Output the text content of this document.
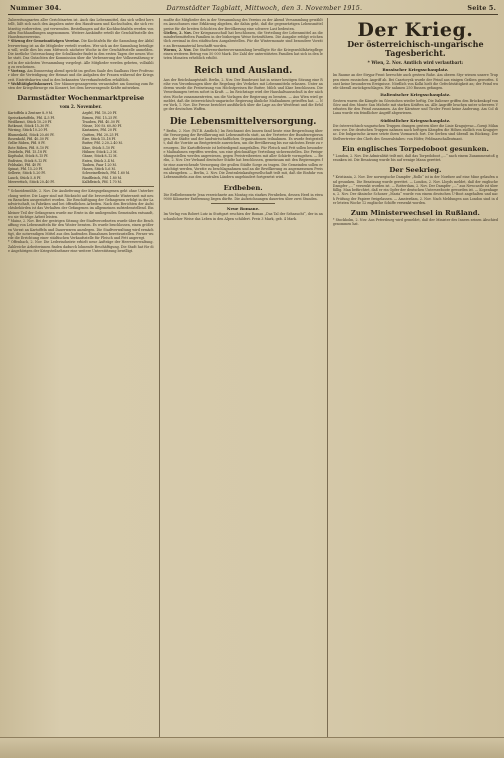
Nummer 304.	Darmstädter Tagblatt, Mittwoch, den 3. November 1915.	Seite 5.
Zubereitungsarten aller Gerichtsarten ist. Auch das Lebensmittel, das sich selbst herstellt, läßt sich nach den Angaben unter den Hausfrauen und Kochschulen, die sich rechtzeitig vorbereiten, gut verwenden. Bestellungen auf die Kochbuchtafeln werden von allen Buchhandlungen angenommen. Weitere Auskünfte erteilt die Geschäftsstelle des Hausfrauenvereins.
* Sitzung der Gemeinnützigen Vereine. Die Kochtafeln für die Sammlung der Abfallverwertung ist an die Mitglieder verteilt worden. Wer sich an der Sammlung beteiligen will, wolle dies bis zum Mittwoch nächster Woche in der Geschäftsstelle anmelden. Die ärztliche Untersuchung der Schulkinder findet in den ersten Tagen der neuen Woche statt. Das Gutachten der Kommission über die Verbesserung der Volksernährung wird in der nächsten Versammlung vorgelegt. Alle Mitglieder werden gebeten, vollzählig zu erscheinen.
* Vortrag. Am Donnerstag abend spricht im großen Saale des Saalbaus Herr Professor über die Verteidigung der Heimat und die Aufgaben der Frauen während der Kriegszeit. Eintrittskarten sind in den bekannten Vorverkaufsstellen erhältlich.
* Wohltätigkeitskonzert. Der Männergesangverein veranstaltet am Sonntag zum Besten der Kriegsfürsorge ein Konzert, bei dem hervorragende Kräfte mitwirken.
Darmstädter Wochenmarktpreise
vom 2. November.
Kartoffeln à Zentner 8–9 M.
Speisekartoffeln, Pfd. 4–5 Pf.
Weißkraut, Stück 10–20 Pf.
Rotkraut, Stück 15–30 Pf.
Wirsing, Stück 10–20 Pf.
Blumenkohl, Stück 20–60 Pf.
Rosenkohl, Pfd. 40–50 Pf.
Gelbe Rüben, Pfd. 8 Pf.
Rote Rüben, Pfd. 8–10 Pf.
Zwiebeln, Pfd. 15–18 Pf.
Kopfsalat, Stück 8–15 Pf.
Endivien, Stück 8–12 Pf.
Feldsalat, Pfd. 40 Pf.
Spinat, Pfd. 15–20 Pf.
Sellerie, Stück 5–20 Pf.
Lauch, Stück 5–8 Pf.
Meerrettich, Stück 20–40 Pf.
Aepfel, Pfd. 10–20 Pf.
Birnen, Pfd. 15–25 Pf.
Trauben, Pfd. 40–50 Pf.
Nüsse, 100 St. 60–80 Pf.
Kastanien, Pfd. 20 Pf.
Quitten, Pfd. 20–25 Pf.
Eier, Stück 15–18 Pf.
Butter, Pfd. 2.20–2.40 M.
Käse, Stück 5–10 Pf.
Hühner, Stück 2–3 M.
Gänse, Stück 8–12 M.
Enten, Stück 3–4 M.
Tauben, Paar 1.20 M.
Hasen, Stück 5–6 M.
Schweinefleisch, Pfd. 1.60 M.
Rindfleisch, Pfd. 1.80 M.
Kalbfleisch, Pfd. 1.70 M.
* Schneidemühle, 2. Nov. Die Auslieferung der Kriegsgefangenen geht ohne Unterbrechung weiter. Die Lager sind mit Rücksicht auf die bevorstehende Winterszeit mit neuen Baracken ausgestattet worden. Die Beschäftigung der Gefangenen erfolgt in der Landwirtschaft, in Fabriken und bei öffentlichen Arbeiten. Nach den Berichten der Aufsichtsbehörden ist das Verhalten der Gefangenen im allgemeinen zufriedenstellend. Ein kleiner Teil der Gefangenen wurde zur Ernte in die umliegenden Gemeinden entsandt, wo sie tüchtige Arbeit leisten.
* Mainz, 2. Nov. Bei der gestrigen Sitzung der Stadtverordneten wurde über die Beschaffung von Lebensmitteln für den Winter beraten. Es wurde beschlossen, einen größeren Vorrat an Kartoffeln und Dauerwaren anzulegen. Die Stadtverwaltung wird ermächtigt, die notwendigen Mittel aus den laufenden Einnahmen bereitzustellen. Ferner wurde die Errichtung einer städtischen Verkaufsstelle für Fleisch und Fett angeregt.
* Offenbach, 2. Nov. Die Lederindustrie erhielt neue Aufträge der Heeresverwaltung. Zahlreiche Arbeiterinnen finden dadurch lohnende Beschäftigung. Die Stadt hat für die Angehörigen der Kriegsteilnehmer eine weitere Unterstützung bewilligt.
mußte die Mitglieder des in der Versammlung des Vereins zu der Abend Versammlung gewählten Ausschusses eine Erklärung abgeben, die dahin geht, daß die gegenwärtigen Lebensmittelpreise für die breiten Schichten der Bevölkerung eine schwere Last bedeuten.
Gießen, 2. Nov. Der Kriegsausschuß hat beschlossen, die Verteilung der Lebensmittel an die minderbemittelten Familien in der bisherigen Weise fortzuführen. Die Ausgabe erfolgt wöchentlich zweimal in den städtischen Ausgabestellen. Für die Wintermonate sind besondere Vorräte an Brennmaterial beschafft worden.
Worms, 2. Nov. Die Stadtverordnetenversammlung bewilligte für die Kriegswohlfahrtspflege einen weiteren Betrag von 50 000 Mark. Die Zahl der unterstützten Familien hat sich in den letzten Monaten erheblich erhöht.
Reich und Ausland.
Aus der Reichshauptstadt. Berlin, 2. Nov. Der Bundesrat hat in seiner heutigen Sitzung eine Reihe von Verordnungen über die Regelung des Verkehrs mit Lebensmitteln erlassen. Unter anderem wurde die Festsetzung von Höchstpreisen für Butter, Milch und Käse beschlossen. Die Verordnungen treten sofort in Kraft. — Im Reichstage wird der Haushaltsausschuß in der nächsten Woche zusammentreten, um die Vorlagen der Regierung zu beraten. — Aus Wien wird gemeldet, daß die österreichisch-ungarische Regierung ähnliche Maßnahmen getroffen hat. — New York, 1. Nov. Die Presse berichtet ausführlich über die Lage an der Westfront und die Erfolge der deutschen Waffen.
Die Lebensmittelversorgung.
* Berlin, 2. Nov. (W.T.B. Amtlich.) Im Reichsamt des Innern fand heute eine Besprechung über die Versorgung der Bevölkerung mit Lebensmitteln statt, an der Vertreter der Bundesregierungen, der Städte und der landwirtschaftlichen Organisationen teilnahmen. Es wurde festgestellt, daß die Vorräte an Brotgetreide ausreichen, um die Bevölkerung bis zur nächsten Ernte zu versorgen. Die Kartoffelernte ist befriedigend ausgefallen. Für Fleisch und Fett sollen besondere Maßnahmen ergriffen werden, um eine gleichmäßige Verteilung sicherzustellen. Die Preisprüfungsstellen werden angewiesen, gegen Preistreibereien mit aller Schärfe vorzugehen. — Berlin, 2. Nov. Der Verband deutscher Städte hat beschlossen, gemeinsam mit den Regierungen für eine ausreichende Versorgung der großen Städte Sorge zu tragen. Die Gemeinden sollen ermächtigt werden, Vorräte zu beschlagnahmen und an die Bevölkerung zu angemessenen Preisen abzugeben. — Berlin, 2. Nov. Die Zentraleinkaufsgesellschaft teilt mit, daß die Einfuhr von Lebensmitteln aus den neutralen Ländern ungehindert fortgesetzt wird.
Erdbeben.
Die Erdbebenwarte Jena verzeichnete am Montag ein starkes Fernbeben, dessen Herd in etwa 9000 Kilometer Entfernung liegen dürfte. Die Aufzeichnungen dauerten über zwei Stunden.
Neue Romane.
Im Verlag von Robert Lutz in Stuttgart erschien der Roman „Das Tal der Sehnsucht“, der in anschaulicher Weise das Leben in den Alpen schildert. Preis 3 Mark, geb. 4 Mark.
Der Krieg.
Der österreichisch-ungarische Tagesbericht.
* Wien, 2. Nov. Amtlich wird verlautbart:
Russischer Kriegsschauplatz.
Im Raume an der Strypa-Front herrschte auch gestern Ruhe. Am oberen Styr wiesen unsere Truppen einen russischen Angriff ab. Bei Czartorysk wurde der Feind aus einigen Gräben geworfen. Sonst keine besonderen Ereignisse. Nördlich von Kolki hielt die Gefechtstätigkeit an; der Feind wurde überall zurückgeschlagen. Wir nahmen 250 Russen gefangen.
Italienischer Kriegsschauplatz.
Gestern waren die Kämpfe im Görzischen wieder heftig. Die Italiener griffen den Brückenkopf von Görz und den Monte San Michele mit starken Kräften an. Alle Angriffe brachen unter schweren Verlusten für den Feind zusammen. An der Kärntner und Tiroler Front keine Änderung. Am Col di Lana wurde ein feindlicher Angriff abgewiesen.
Südöstlicher Kriegsschauplatz.
Die österreichisch-ungarischen Truppen drangen gestern über die Linie Kragujevac—Gornji Milanovac vor. Die deutschen Truppen nahmen nach heftigen Kämpfen die Höhen südlich von Kragujevac. Die bulgarische Armee setzte ihren Vormarsch fort. Die Serben sind überall im Rückzug. Der Stellvertreter des Chefs des Generalstabes: von Höfer, Feldmarschalleutnant.
Ein englisches Torpedoboot gesunken.
* London, 2. Nov. Die Admiralität teilt mit, daß das Torpedoboot „...“ nach einem Zusammenstoß gesunken ist. Die Besatzung wurde bis auf wenige Mann gerettet.
Der Seekrieg.
* Kristiania, 2. Nov. Der norwegische Dampfer „Rollo“ ist in der Nordsee auf eine Mine gelaufen und gesunken. Die Besatzung wurde gerettet. — London, 2. Nov. Lloyds meldet, daß der englische Dampfer „...“ versenkt worden ist. — Rotterdam, 2. Nov. Der Dampfer „...“ aus Newcastle ist überfällig. Man befürchtet, daß er ein Opfer der deutschen Unterseeboote geworden ist. — Kopenhagen, 2. Nov. Der dänische Schoner „Maria“ wurde von einem deutschen U-Boot angehalten und nach Prüfung der Papiere freigelassen. — Amsterdam, 2. Nov. Nach Meldungen aus London sind in der letzten Woche 12 englische Schiffe versenkt worden.
Zum Ministerwechsel in Rußland.
* Stockholm, 2. Nov. Aus Petersburg wird gemeldet, daß der Minister des Innern seinen Abschied genommen hat.
